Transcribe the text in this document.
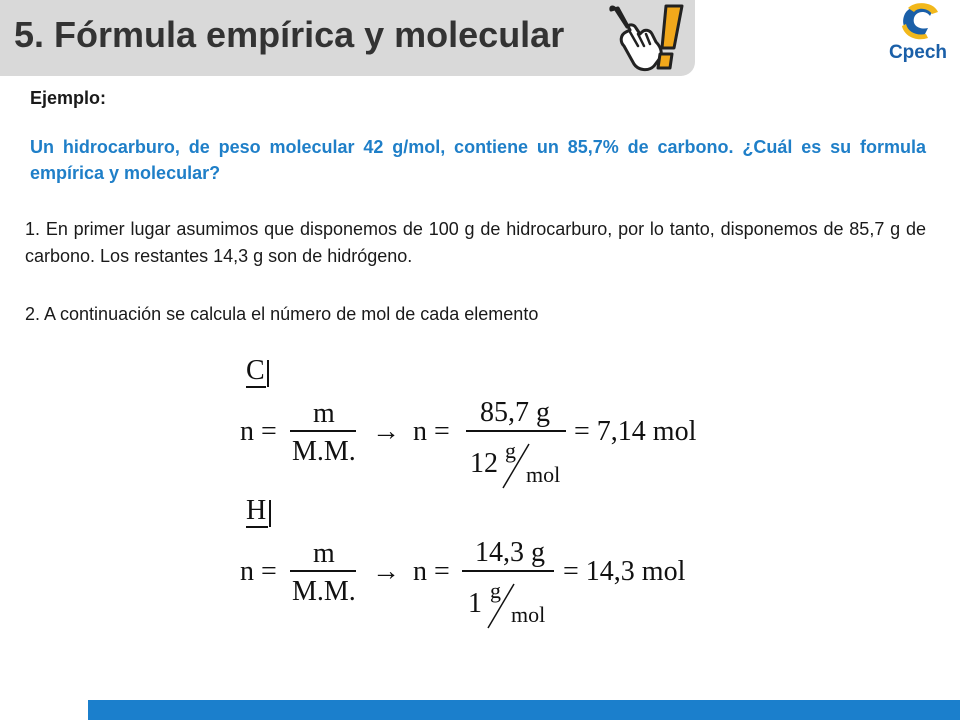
5. Fórmula empírica y molecular	Cpech
Ejemplo:
Un hidrocarburo, de peso molecular 42 g/mol, contiene un 85,7% de carbono. ¿Cuál es su formula empírica y molecular?
1. En primer lugar asumimos que disponemos de 100 g de hidrocarburo, por lo tanto, disponemos de 85,7 g de carbono. Los restantes 14,3 g son de hidrógeno.
2. A continuación se calcula el número de mol de cada elemento
C
n =
m
M.M.
→ n =
85,7 g
12 g
mol
= 7,14 mol
H
n =
m
M.M.
→ n =
14,3 g
1 g
mol
= 14,3 mol
